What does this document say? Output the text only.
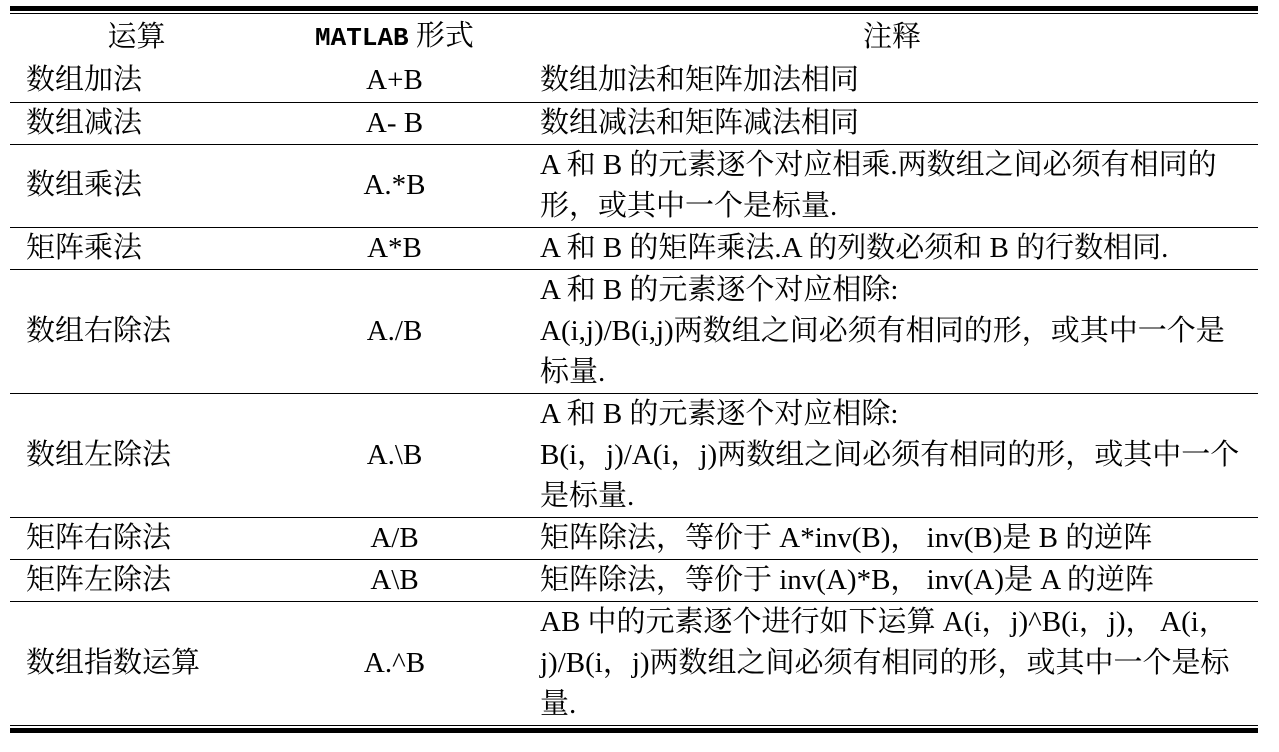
运算	MATLAB 形式	注释
数组加法	A+B	数组加法和矩阵加法相同
数组减法	A- B	数组减法和矩阵减法相同
数组乘法	A.*B	A 和 B 的元素逐个对应相乘.两数组之间必须有相同的形，或其中一个是标量.
矩阵乘法	A*B	A 和 B 的矩阵乘法.A 的列数必须和 B 的行数相同.
数组右除法	A./B	A 和 B 的元素逐个对应相除:
A(i,j)/B(i,j)两数组之间必须有相同的形，或其中一个是标量.

数组左除法	A.\B	A 和 B 的元素逐个对应相除:
B(i，j)/A(i，j)两数组之间必须有相同的形，或其中一个是标量.

矩阵右除法	A/B	矩阵除法，等价于 A*inv(B)， inv(B)是 B 的逆阵
矩阵左除法	A\B	矩阵除法，等价于 inv(A)*B， inv(A)是 A 的逆阵
数组指数运算	A.^B	AB 中的元素逐个进行如下运算 A(i，j)^B(i，j)， A(i，j)/B(i，j)两数组之间必须有相同的形，或其中一个是标量.
